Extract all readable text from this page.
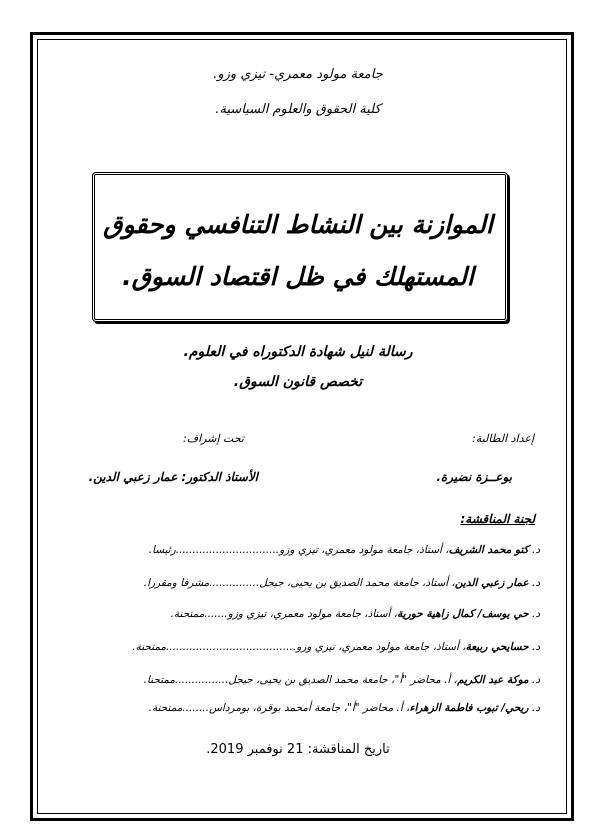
جامعة مولود معمري- تيزي وزو.
كلية الحقوق والعلوم السياسية.
الموازنة بين النشاط التنافسي وحقوق
المستهلك في ظل اقتصاد السوق.
رسالة لنيل شهادة الدكتوراه في العلوم.
تخصص قانون السوق.
إعداد الطالبة:
تحت إشراف:
بوعــزة نضيرة.
الأستاذ الدكتور: عمار زعبي الدين.
لجنة المناقشة:
د. كتو محمد الشريف، أستاذ، جامعة مولود معمري، تيزي وزو...............................رئيسا.
د. عمار زعبي الدين، أستاذ، جامعة محمد الصديق بن يحيى، جيجل...............مشرفا ومقررا.
د. حي يوسف/ كمال زاهية حورية، أستاذ، جامعة مولود معمري، تيزي وزو.......ممتحنة.
د. حسايحي ربيعة، أستاذ، جامعة مولود معمري، تيزي وزو.......................................ممتحنة.
د. موكة عبد الكريم، أ. محاضر "أ"، جامعة محمد الصديق بن يحيى، جيجل................ممتحنا.
د. ريحي/ تبوب فاطمة الزهراء، أ. محاضر "أ"، جامعة أمحمد بوقرة، بومرداس........ممتحنة.
تاريخ المناقشة: 21 نوفمبر 2019.
